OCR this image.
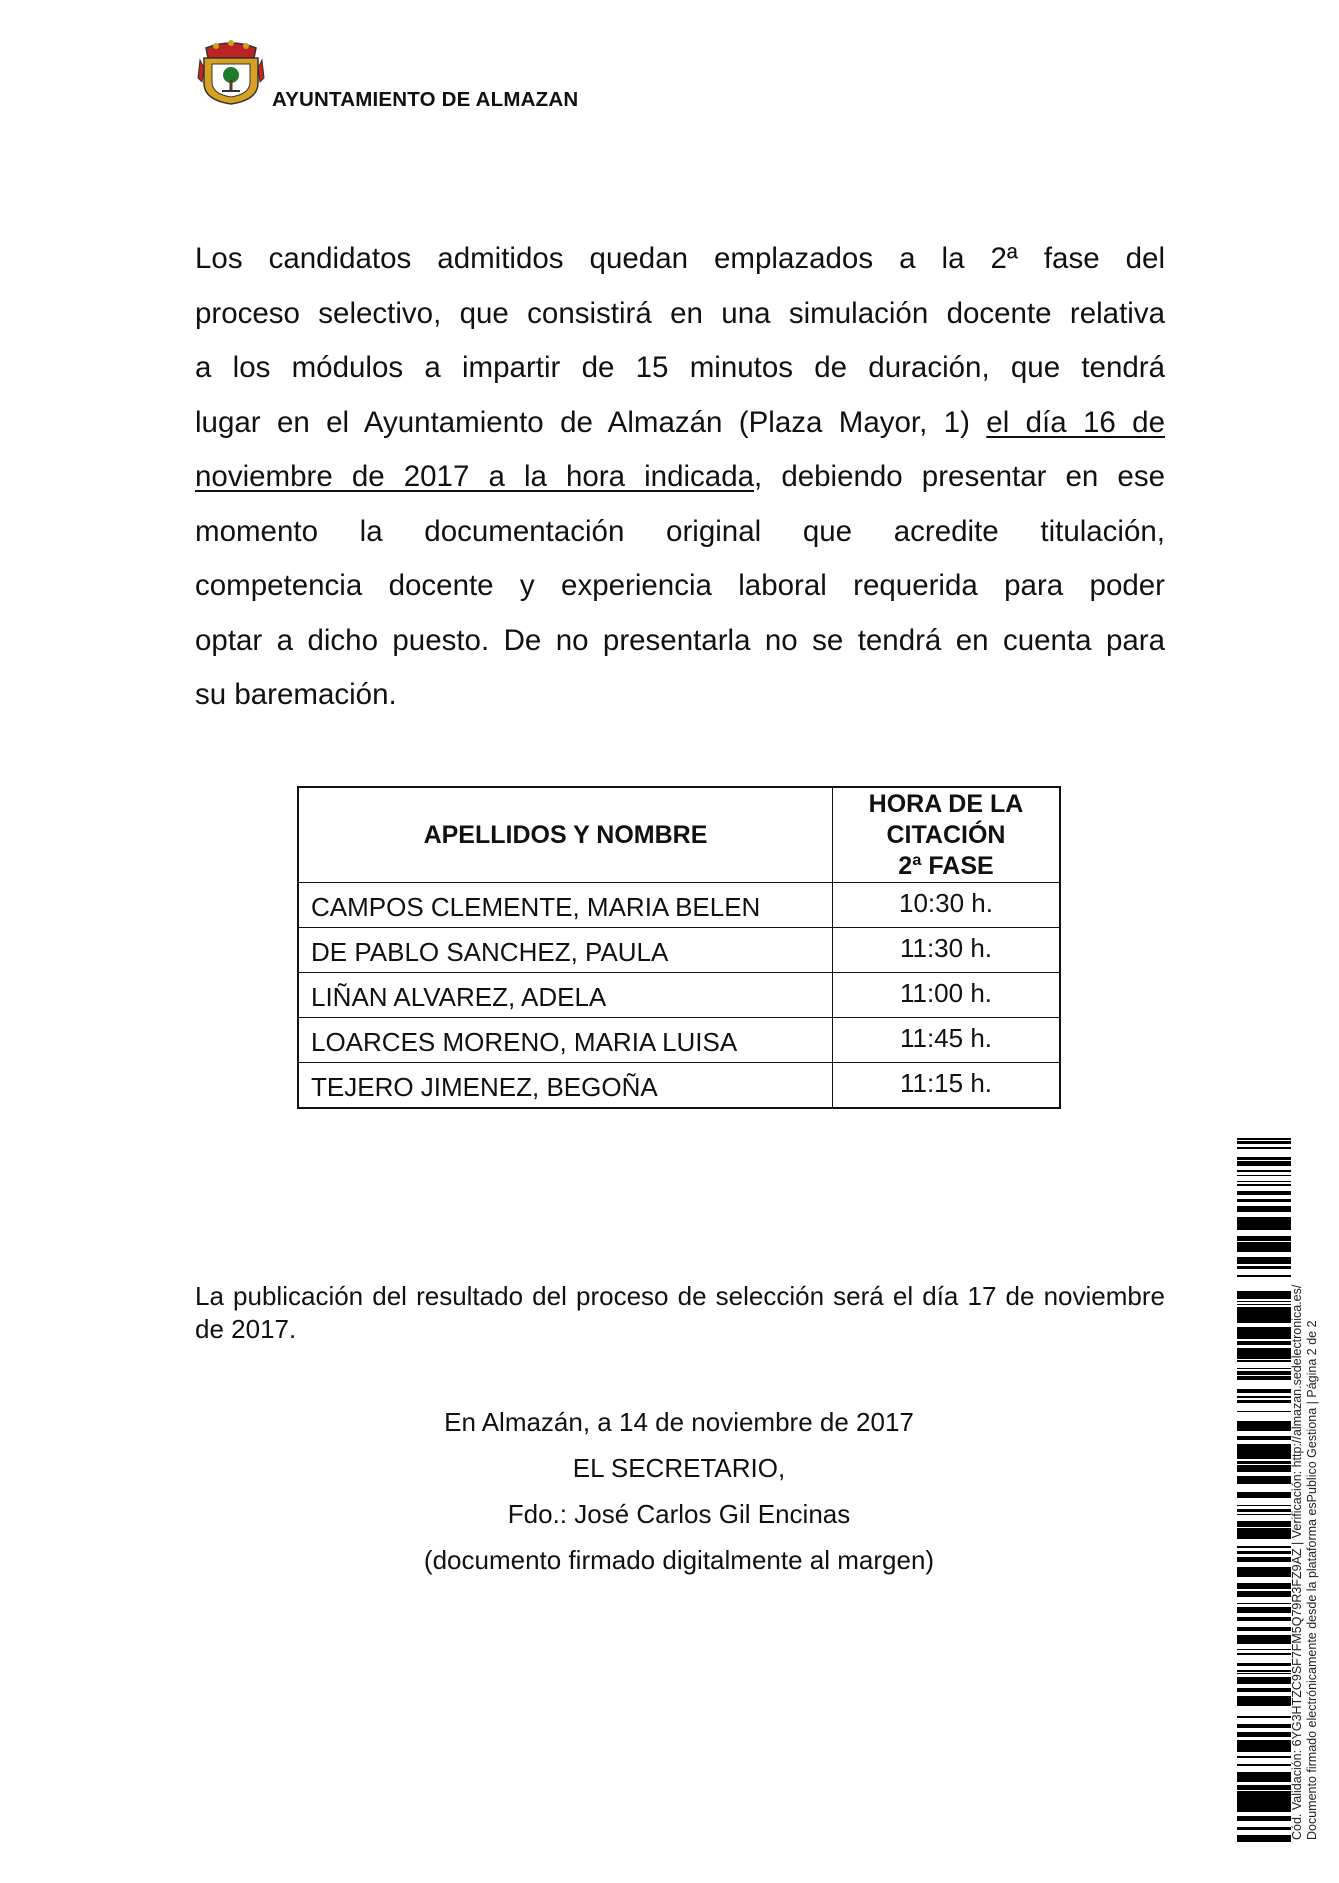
AYUNTAMIENTO DE ALMAZAN
Los candidatos admitidos quedan emplazados a la 2ª fase del
proceso selectivo, que consistirá en una simulación docente relativa
a los módulos a impartir de 15 minutos de duración, que tendrá
lugar en el Ayuntamiento de Almazán (Plaza Mayor, 1) el día 16 de
noviembre de 2017 a la hora indicada, debiendo presentar en ese
momento la documentación original que acredite titulación,
competencia docente y experiencia laboral requerida para poder
optar a dicho puesto. De no presentarla no se tendrá en cuenta para
su baremación.
APELLIDOS Y NOMBRE	HORA DE LA
CITACIÓN
2ª FASE

CAMPOS CLEMENTE, MARIA BELEN	10:30 h.
DE PABLO SANCHEZ, PAULA	11:30 h.
LIÑAN ALVAREZ, ADELA	11:00 h.
LOARCES MORENO, MARIA LUISA	11:45 h.
TEJERO JIMENEZ, BEGOÑA	11:15 h.
La publicación del resultado del proceso de selección será el día 17 de noviembre de 2017.
En Almazán, a 14 de noviembre de 2017
EL SECRETARIO,
Fdo.: José Carlos Gil Encinas
(documento firmado digitalmente al margen)	Cód. Validación: 6YG3HTZC9SF7FM5Q79R3FZ9AZ | Verificación: http://almazan.sedelectronica.es/ Documento firmado electrónicamente desde la plataforma esPublico Gestiona | Página 2 de 2
